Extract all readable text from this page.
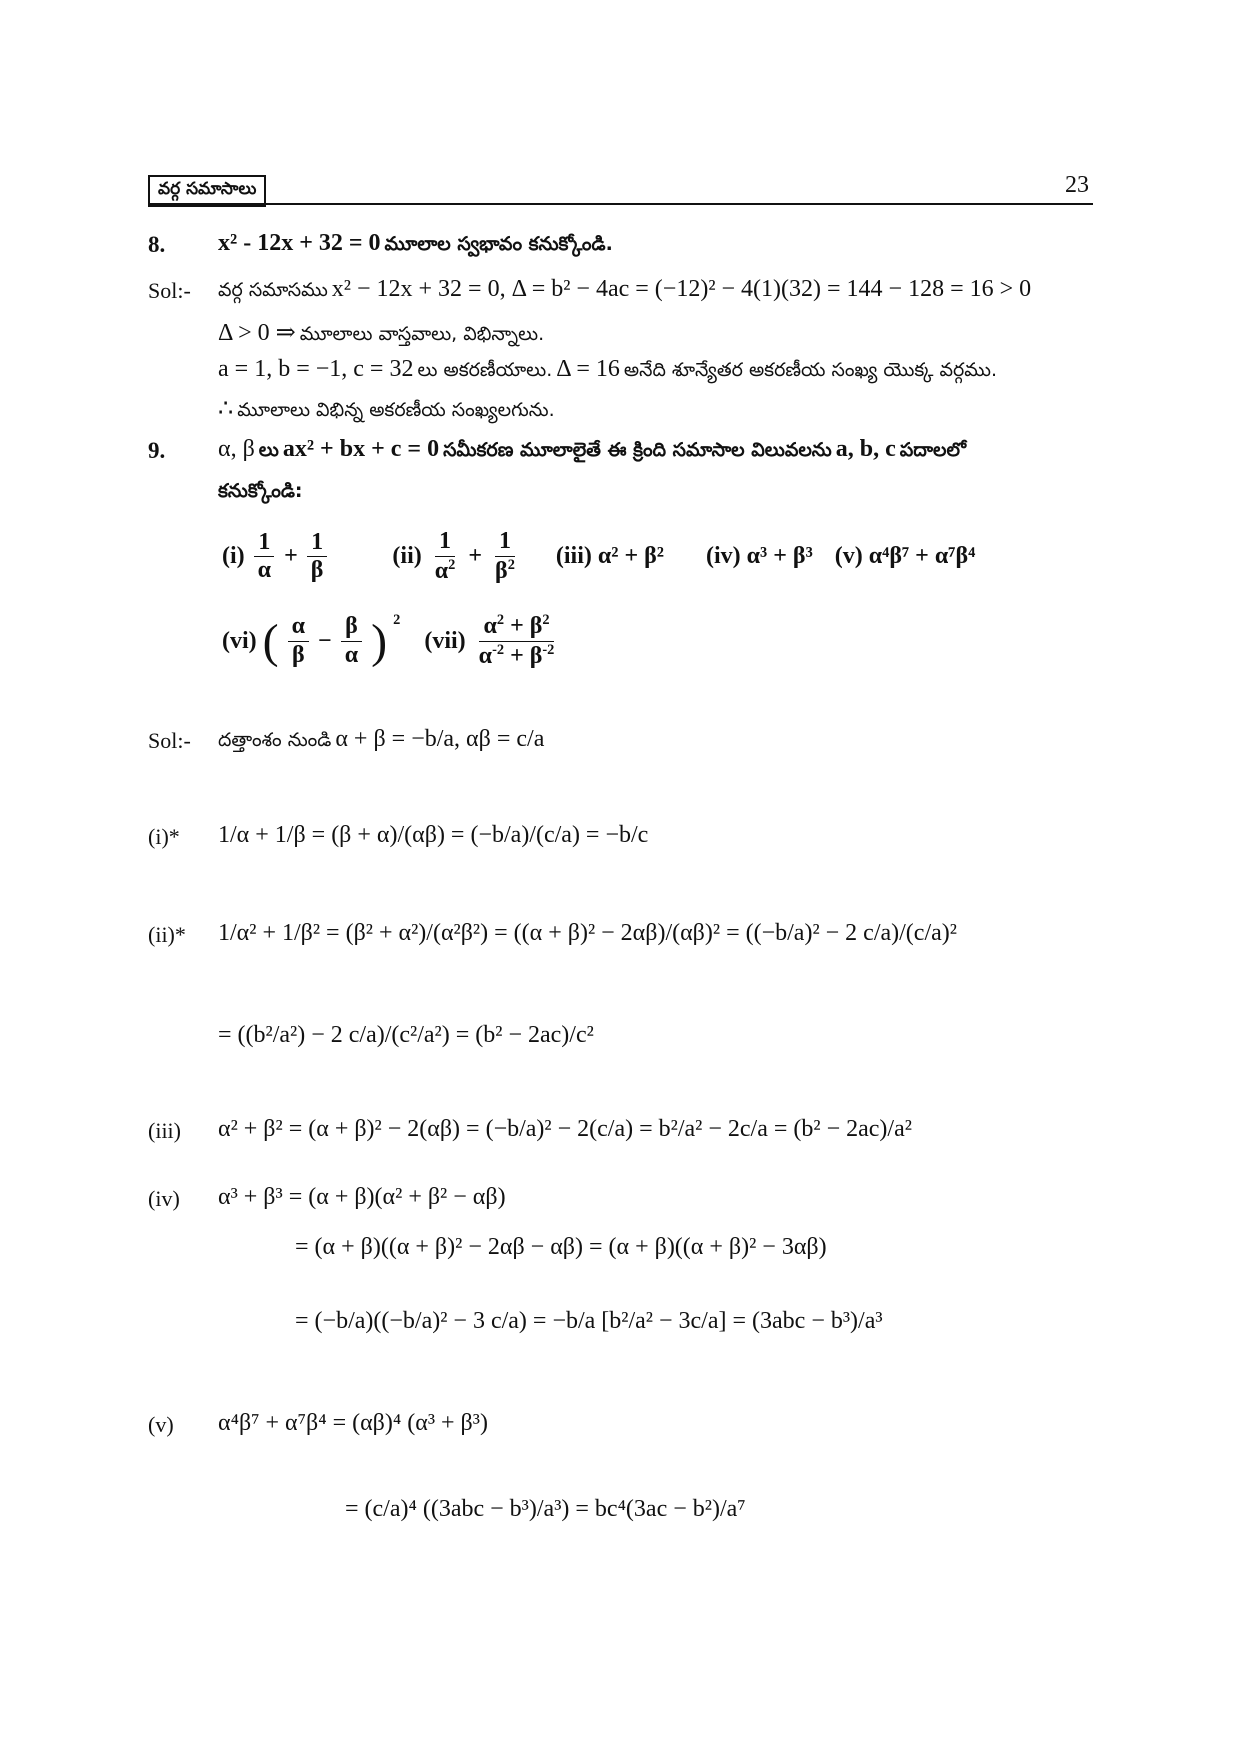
వర్గ సమాసాలు	23
8. x² - 12x + 32 = 0 మూలాల స్వభావం కనుక్కోండి.
Sol:- వర్గ సమాసము x² − 12x + 32 = 0, Δ = b² − 4ac = (−12)² − 4(1)(32) = 144 − 128 = 16 > 0
Δ > 0 ⇒ మూలాలు వాస్తవాలు, విభిన్నాలు.
a = 1, b = −1, c = 32 లు అకరణీయాలు. Δ = 16 అనేది శూన్యేతర అకరణీయ సంఖ్య యొక్క వర్గము.
∴ మూలాలు విభిన్న అకరణీయ సంఖ్యలగును.
9. α, β లు ax² + bx + c = 0 సమీకరణ మూలాలైతే ఈ క్రింది సమాసాల విలువలను a, b, c పదాలలో
కనుక్కోండి:
$(i) \frac{1}{\alpha} + \frac{1}{\beta}$	$(ii) \frac{1}{\alpha^2} + \frac{1}{\beta^2} (iii) \alpha^2 + \beta^2$ (iv) α³ + β³ (v) α⁴β⁷ + α⁷β⁴
(vi) ( $\frac{\alpha}{\beta} - \frac{\beta}{\alpha}$ ) $^2$
$(vii) \frac{\alpha^2 + \beta^2}{\alpha^{-2} + \beta^{-2}}$
Sol:- దత్తాంశం నుండి α + β = −b/a, αβ = c/a
(i)* 1/α + 1/β = (β + α)/(αβ) = (−b/a)/(c/a) = −b/c
(ii)* 1/α² + 1/β² = (β² + α²)/(α²β²) = ((α + β)² − 2αβ)/(αβ)² = ((−b/a)² − 2 c/a)/(c/a)²
= ((b²/a²) − 2 c/a)/(c²/a²) = (b² − 2ac)/c²
(iii) α² + β² = (α + β)² − 2(αβ) = (−b/a)² − 2(c/a) = b²/a² − 2c/a = (b² − 2ac)/a²
(iv) α³ + β³ = (α + β)(α² + β² − αβ)
= (α + β)((α + β)² − 2αβ − αβ) = (α + β)((α + β)² − 3αβ)
= (−b/a)((−b/a)² − 3 c/a) = −b/a [b²/a² − 3c/a] = (3abc − b³)/a³
(v) α⁴β⁷ + α⁷β⁴ = (αβ)⁴ (α³ + β³)
= (c/a)⁴ ((3abc − b³)/a³) = bc⁴(3ac − b²)/a⁷
